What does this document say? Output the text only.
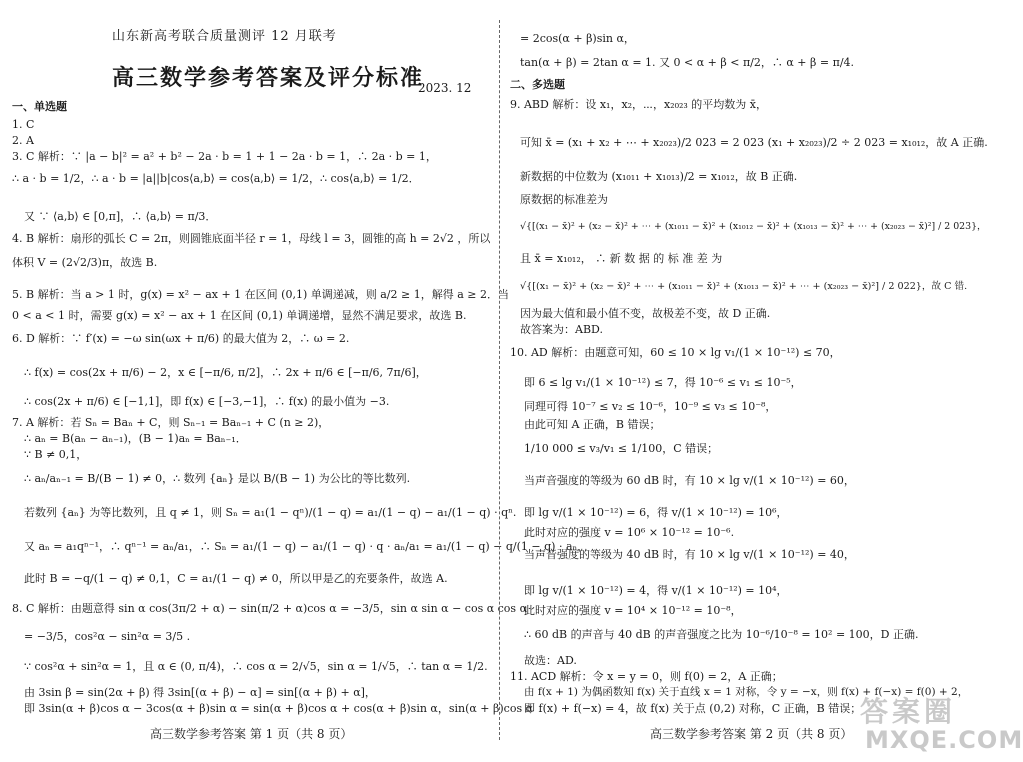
山东新高考联合质量测评 12 月联考
高三数学参考答案及评分标准
2023. 12
一、单选题
1. C
2. A
3. C 解析：∵ |a − b|² = a² + b² − 2a · b = 1 + 1 − 2a · b = 1，∴ 2a · b = 1，
∴ a · b = 1/2，∴ a · b = |a||b|cos⟨a,b⟩ = cos⟨a,b⟩ = 1/2，∴ cos⟨a,b⟩ = 1/2．
又 ∵ ⟨a,b⟩ ∈ [0,π]，∴ ⟨a,b⟩ = π/3．
4. B 解析：扇形的弧长 C = 2π，则圆锥底面半径 r = 1，母线 l = 3，圆锥的高 h = 2√2 ，所以
体积 V = (2√2/3)π，故选 B.
5. B 解析：当 a > 1 时，g(x) = x² − ax + 1 在区间 (0,1) 单调递减，则 a/2 ≥ 1，解得 a ≥ 2．当
0 < a < 1 时，需要 g(x) = x² − ax + 1 在区间 (0,1) 单调递增，显然不满足要求，故选 B.
6. D 解析：∵ f′(x) = −ω sin(ωx + π/6) 的最大值为 2，∴ ω = 2.
∴ f(x) = cos(2x + π/6) − 2，x ∈ [−π/6, π/2]，∴ 2x + π/6 ∈ [−π/6, 7π/6]，
∴ cos(2x + π/6) ∈ [−1,1]，即 f(x) ∈ [−3,−1]，∴ f(x) 的最小值为 −3.
7. A 解析：若 Sₙ = Baₙ + C，则 Sₙ₋₁ = Baₙ₋₁ + C (n ≥ 2)，
∴ aₙ = B(aₙ − aₙ₋₁)，(B − 1)aₙ = Baₙ₋₁．
∵ B ≠ 0,1，
∴ aₙ/aₙ₋₁ = B/(B − 1) ≠ 0，∴ 数列 {aₙ} 是以 B/(B − 1) 为公比的等比数列.
若数列 {aₙ} 为等比数列，且 q ≠ 1，则 Sₙ = a₁(1 − qⁿ)/(1 − q) = a₁/(1 − q) − a₁/(1 − q) · qⁿ.
又 aₙ = a₁qⁿ⁻¹，∴ qⁿ⁻¹ = aₙ/a₁，∴ Sₙ = a₁/(1 − q) − a₁/(1 − q) · q · aₙ/a₁ = a₁/(1 − q) − q/(1 − q) · aₙ，
此时 B = −q/(1 − q) ≠ 0,1，C = a₁/(1 − q) ≠ 0，所以甲是乙的充要条件，故选 A.
8. C 解析：由题意得 sin α cos(3π/2 + α) − sin(π/2 + α)cos α = −3/5，sin α sin α − cos α cos α
= −3/5，cos²α − sin²α = 3/5 .
∵ cos²α + sin²α = 1，且 α ∈ (0, π/4)，∴ cos α = 2/√5，sin α = 1/√5，∴ tan α = 1/2.
由 3sin β = sin(2α + β) 得 3sin[(α + β) − α] = sin[(α + β) + α]，
即 3sin(α + β)cos α − 3cos(α + β)sin α = sin(α + β)cos α + cos(α + β)sin α，sin(α + β)cos α
高三数学参考答案 第 1 页（共 8 页）
= 2cos(α + β)sin α，
tan(α + β) = 2tan α = 1. 又 0 < α + β < π/2，∴ α + β = π/4.
二、多选题
9. ABD 解析：设 x₁，x₂，⋯，x₂₀₂₃ 的平均数为 x̄，
可知 x̄ = (x₁ + x₂ + ⋯ + x₂₀₂₃)/2 023 = 2 023 (x₁ + x₂₀₂₃)/2 ÷ 2 023 = x₁₀₁₂，故 A 正确.
新数据的中位数为 (x₁₀₁₁ + x₁₀₁₃)/2 = x₁₀₁₂，故 B 正确.
原数据的标准差为
√{[(x₁ − x̄)² + (x₂ − x̄)² + ⋯ + (x₁₀₁₁ − x̄)² + (x₁₀₁₂ − x̄)² + (x₁₀₁₃ − x̄)² + ⋯ + (x₂₀₂₃ − x̄)²] / 2 023}，
且 x̄ = x₁₀₁₂， ∴ 新 数 据 的 标 准 差 为
√{[(x₁ − x̄)² + (x₂ − x̄)² + ⋯ + (x₁₀₁₁ − x̄)² + (x₁₀₁₃ − x̄)² + ⋯ + (x₂₀₂₃ − x̄)²] / 2 022}，故 C 错.
因为最大值和最小值不变，故极差不变，故 D 正确.
故答案为：ABD.
10. AD 解析：由题意可知，60 ≤ 10 × lg v₁/(1 × 10⁻¹²) ≤ 70，
即 6 ≤ lg v₁/(1 × 10⁻¹²) ≤ 7，得 10⁻⁶ ≤ v₁ ≤ 10⁻⁵，
同理可得 10⁻⁷ ≤ v₂ ≤ 10⁻⁶，10⁻⁹ ≤ v₃ ≤ 10⁻⁸，
由此可知 A 正确，B 错误；
1/10 000 ≤ v₃/v₁ ≤ 1/100，C 错误；
当声音强度的等级为 60 dB 时，有 10 × lg v/(1 × 10⁻¹²) = 60，
即 lg v/(1 × 10⁻¹²) = 6，得 v/(1 × 10⁻¹²) = 10⁶，
此时对应的强度 v = 10⁶ × 10⁻¹² = 10⁻⁶.
当声音强度的等级为 40 dB 时，有 10 × lg v/(1 × 10⁻¹²) = 40，
即 lg v/(1 × 10⁻¹²) = 4，得 v/(1 × 10⁻¹²) = 10⁴，
此时对应的强度 v = 10⁴ × 10⁻¹² = 10⁻⁸，
∴ 60 dB 的声音与 40 dB 的声音强度之比为 10⁻⁶/10⁻⁸ = 10² = 100，D 正确.
故选：AD.
11. ACD 解析：令 x = y = 0，则 f(0) = 2，A 正确；
由 f(x + 1) 为偶函数知 f(x) 关于直线 x = 1 对称，令 y = −x，则 f(x) + f(−x) = f(0) + 2，
即 f(x) + f(−x) = 4，故 f(x) 关于点 (0,2) 对称，C 正确，B 错误；
高三数学参考答案 第 2 页（共 8 页）
答案圈
MXQE.COM
